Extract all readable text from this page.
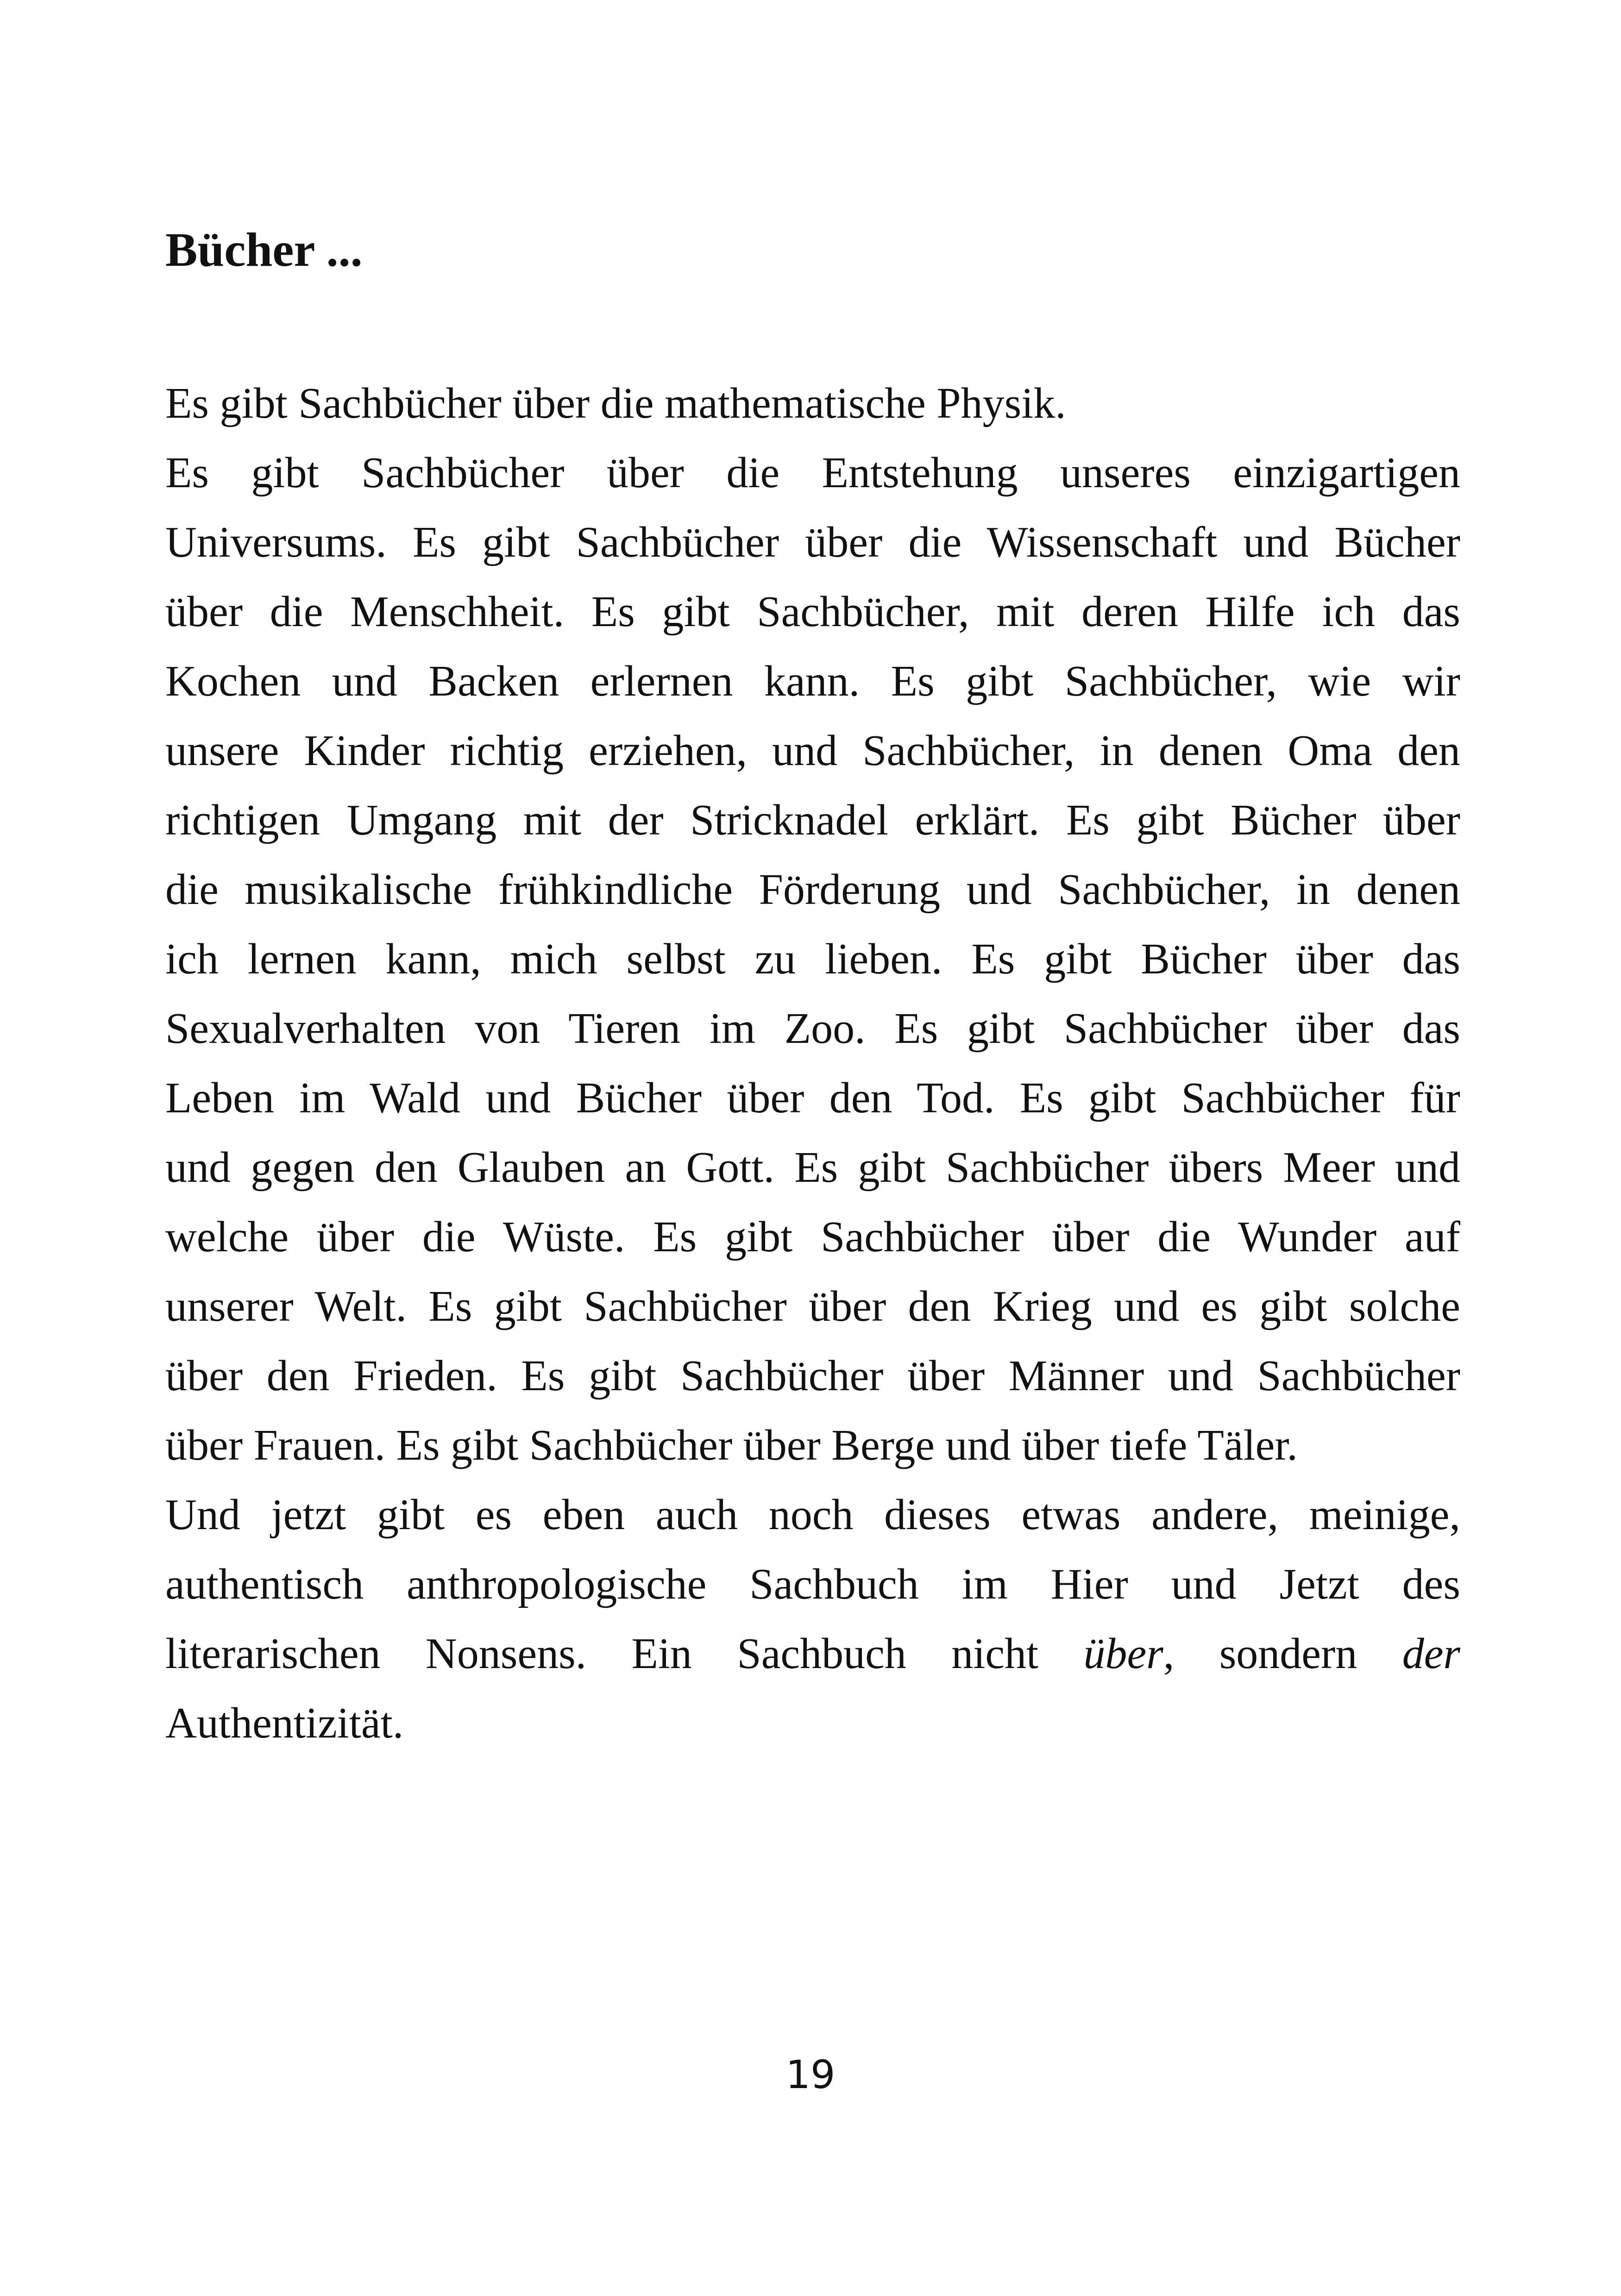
Bücher ...
Es gibt Sachbücher über die mathematische Physik.
Es gibt Sachbücher über die Entstehung unseres einzigartigen
Universums. Es gibt Sachbücher über die Wissenschaft und Bücher
über die Menschheit. Es gibt Sachbücher, mit deren Hilfe ich das
Kochen und Backen erlernen kann. Es gibt Sachbücher, wie wir
unsere Kinder richtig erziehen, und Sachbücher, in denen Oma den
richtigen Umgang mit der Stricknadel erklärt. Es gibt Bücher über
die musikalische frühkindliche Förderung und Sachbücher, in denen
ich lernen kann, mich selbst zu lieben. Es gibt Bücher über das
Sexualverhalten von Tieren im Zoo. Es gibt Sachbücher über das
Leben im Wald und Bücher über den Tod. Es gibt Sachbücher für
und gegen den Glauben an Gott. Es gibt Sachbücher übers Meer und
welche über die Wüste. Es gibt Sachbücher über die Wunder auf
unserer Welt. Es gibt Sachbücher über den Krieg und es gibt solche
über den Frieden. Es gibt Sachbücher über Männer und Sachbücher
über Frauen. Es gibt Sachbücher über Berge und über tiefe Täler.
Und jetzt gibt es eben auch noch dieses etwas andere, meinige,
authentisch anthropologische Sachbuch im Hier und Jetzt des
literarischen Nonsens. Ein Sachbuch nicht über, sondern der
Authentizität.
19
